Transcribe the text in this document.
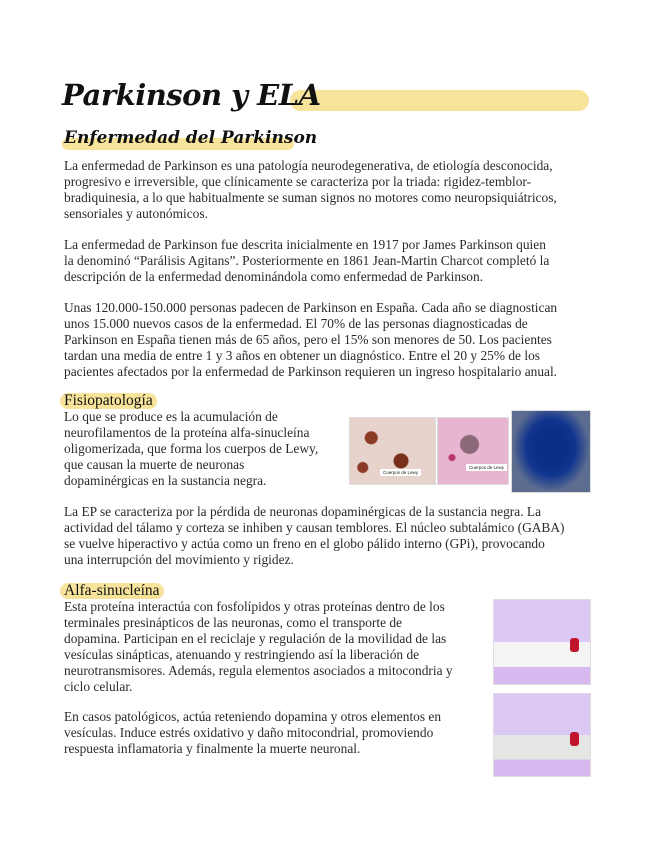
Parkinson y ELA
Enfermedad del Parkinson
La enfermedad de Parkinson es una patología neurodegenerativa, de etiología desconocida,
progresivo e irreversible, que clínicamente se caracteriza por la triada: rigidez-temblor-
bradiquinesia, a lo que habitualmente se suman signos no motores como neuropsiquiátricos,
sensoriales y autonómicos.
La enfermedad de Parkinson fue descrita inicialmente en 1917 por James Parkinson quien
la denominó “Parálisis Agitans”. Posteriormente en 1861 Jean-Martin Charcot completó la
descripción de la enfermedad denominándola como enfermedad de Parkinson.
Unas 120.000-150.000 personas padecen de Parkinson en España. Cada año se diagnostican
unos 15.000 nuevos casos de la enfermedad. El 70% de las personas diagnosticadas de
Parkinson en España tienen más de 65 años, pero el 15% son menores de 50. Los pacientes
tardan una media de entre 1 y 3 años en obtener un diagnóstico. Entre el 20 y 25% de los
pacientes afectados por la enfermedad de Parkinson requieren un ingreso hospitalario anual.
Fisiopatología
Lo que se produce es la acumulación de
neurofilamentos de la proteína alfa-sinucleína
oligomerizada, que forma los cuerpos de Lewy,
que causan la muerte de neuronas
dopaminérgicas en la sustancia negra.
Cuerpos de Lewy
Cuerpos de Lewy
La EP se caracteriza por la pérdida de neuronas dopaminérgicas de la sustancia negra. La
actividad del tálamo y corteza se inhiben y causan temblores. El núcleo subtalámico (GABA)
se vuelve hiperactivo y actúa como un freno en el globo pálido interno (GPi), provocando
una interrupción del movimiento y rigidez.
Alfa-sinucleína
Esta proteína interactúa con fosfolípidos y otras proteínas dentro de los
terminales presinápticos de las neuronas, como el transporte de
dopamina. Participan en el reciclaje y regulación de la movilidad de las
vesículas sinápticas, atenuando y restringiendo así la liberación de
neurotransmisores. Además, regula elementos asociados a mitocondria y
ciclo celular.
En casos patológicos, actúa reteniendo dopamina y otros elementos en
vesículas. Induce estrés oxidativo y daño mitocondrial, promoviendo
respuesta inflamatoria y finalmente la muerte neuronal.
